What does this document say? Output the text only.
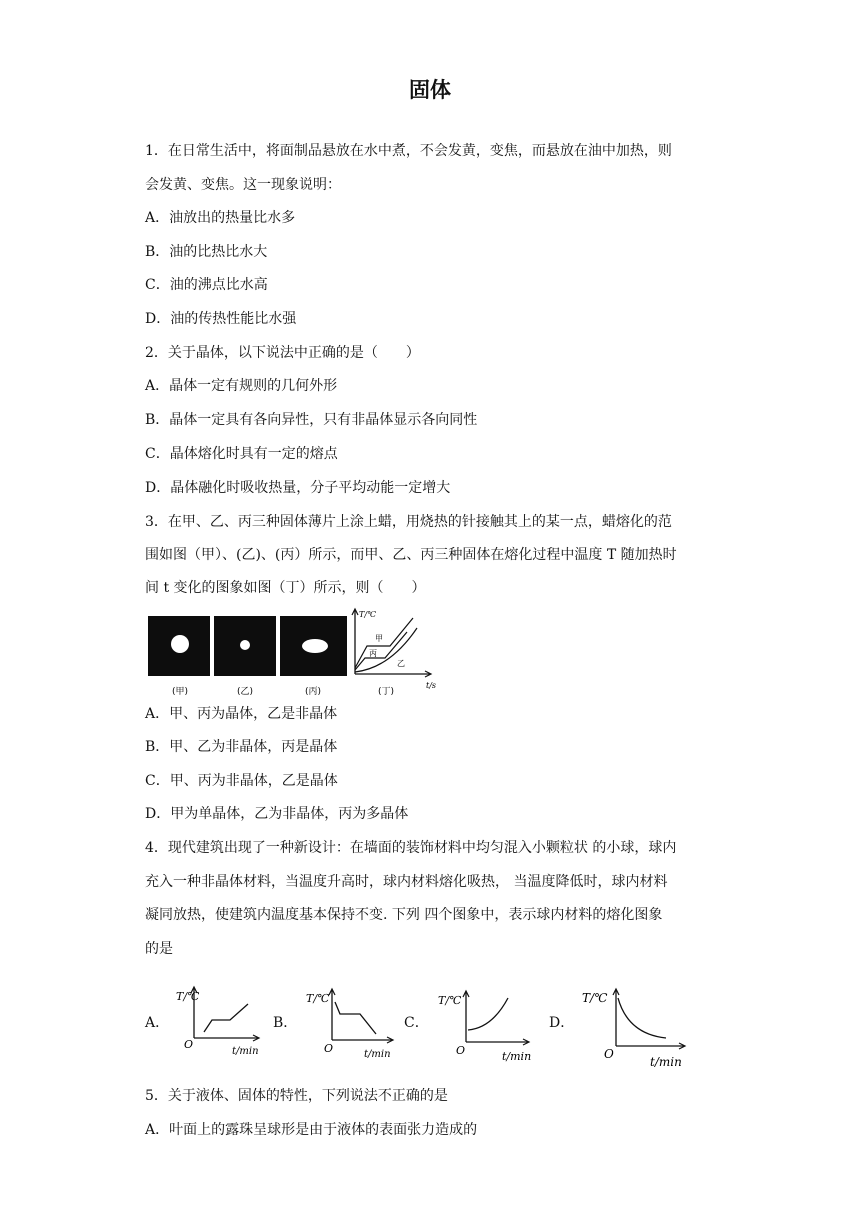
固体
1．在日常生活中，将面制品悬放在水中煮，不会发黄，变焦，而悬放在油中加热，则
会发黄、变焦。这一现象说明：
A．油放出的热量比水多
B．油的比热比水大
C．油的沸点比水高
D．油的传热性能比水强
2．关于晶体，以下说法中正确的是（　　）
A．晶体一定有规则的几何外形
B．晶体一定具有各向异性，只有非晶体显示各向同性
C．晶体熔化时具有一定的熔点
D．晶体融化时吸收热量，分子平均动能一定增大
3．在甲、乙、丙三种固体薄片上涂上蜡，用烧热的针接触其上的某一点，蜡熔化的范
围如图（甲）、(乙)、(丙）所示，而甲、乙、丙三种固体在熔化过程中温度 T 随加热时
间 t 变化的图象如图（丁）所示，则（　　）
(甲)	(乙)	(丙)	(丁)
T/℃
t/s
甲
丙
乙
A．甲、丙为晶体，乙是非晶体
B．甲、乙为非晶体，丙是晶体
C．甲、丙为非晶体，乙是晶体
D．甲为单晶体，乙为非晶体，丙为多晶体
4．现代建筑出现了一种新设计：在墙面的装饰材料中均匀混入小颗粒状 的小球，球内
充入一种非晶体材料，当温度升高时，球内材料熔化吸热， 当温度降低时，球内材料
凝同放热，使建筑内温度基本保持不变. 下列 四个图象中，表示球内材料的熔化图象
的是
A．
T/℃
O
t/min
B．
T/℃
O	t/min
C．
T/℃
O	t/min
D．
T/℃
O
t/min
5．关于液体、固体的特性，下列说法不正确的是
A．叶面上的露珠呈球形是由于液体的表面张力造成的
